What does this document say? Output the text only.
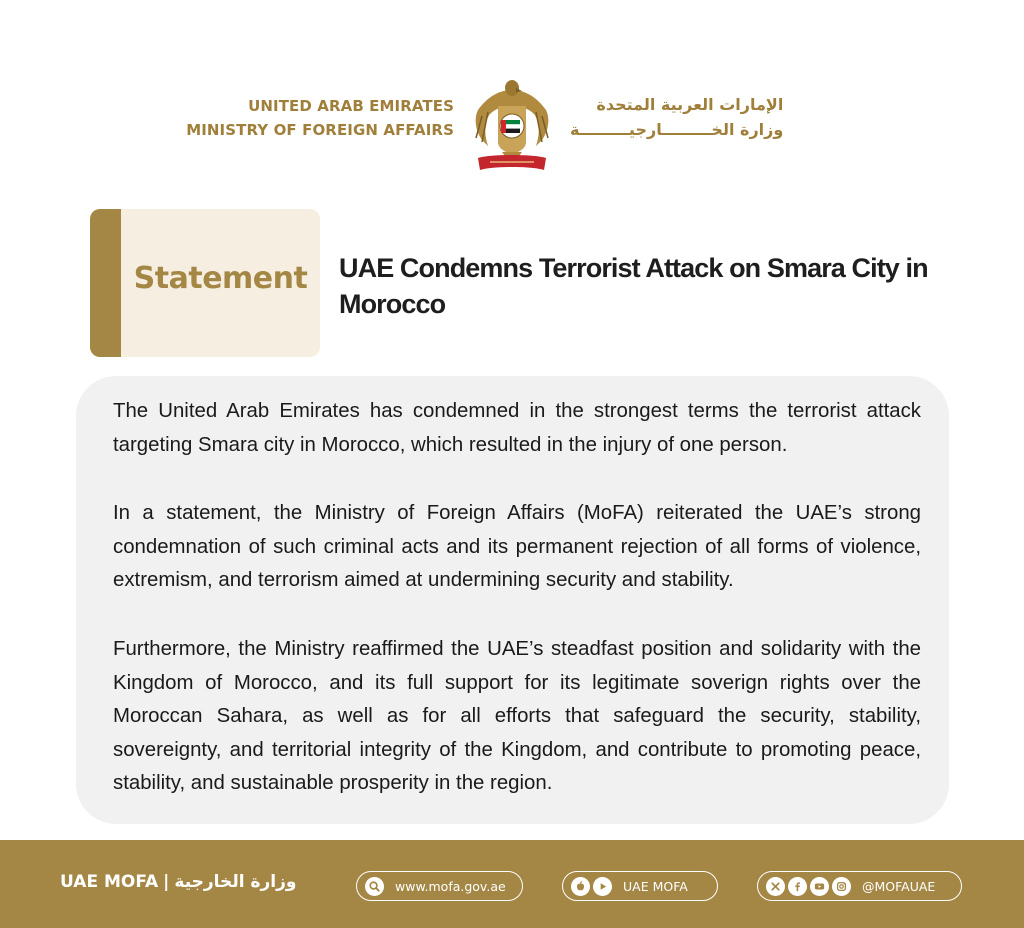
UNITED ARAB EMIRATES
MINISTRY OF FOREIGN AFFAIRS
الإمارات العربية المتحدة
وزارة الخـــــــــارجيـــــــــة
Statement	UAE Condemns Terrorist Attack on Smara City in Morocco

The United Arab Emirates has condemned in the strongest terms the terrorist attack targeting Smara city in Morocco, which resulted in the injury of one person.

In a statement, the Ministry of Foreign Affairs (MoFA) reiterated the UAE’s strong condemnation of such criminal acts and its permanent rejection of all forms of violence, extremism, and terrorism aimed at undermining security and stability.

Furthermore, the Ministry reaffirmed the UAE’s steadfast position and solidarity with the Kingdom of Morocco, and its full support for its legitimate soverign rights over the Moroccan Sahara, as well as for all efforts that safeguard the security, stability, sovereignty, and territorial integrity of the Kingdom, and contribute to promoting peace, stability, and sustainable prosperity in the region.

UAE MOFA | وزارة الخارجية	www.mofa.gov.ae	UAE MOFA	@MOFAUAE
